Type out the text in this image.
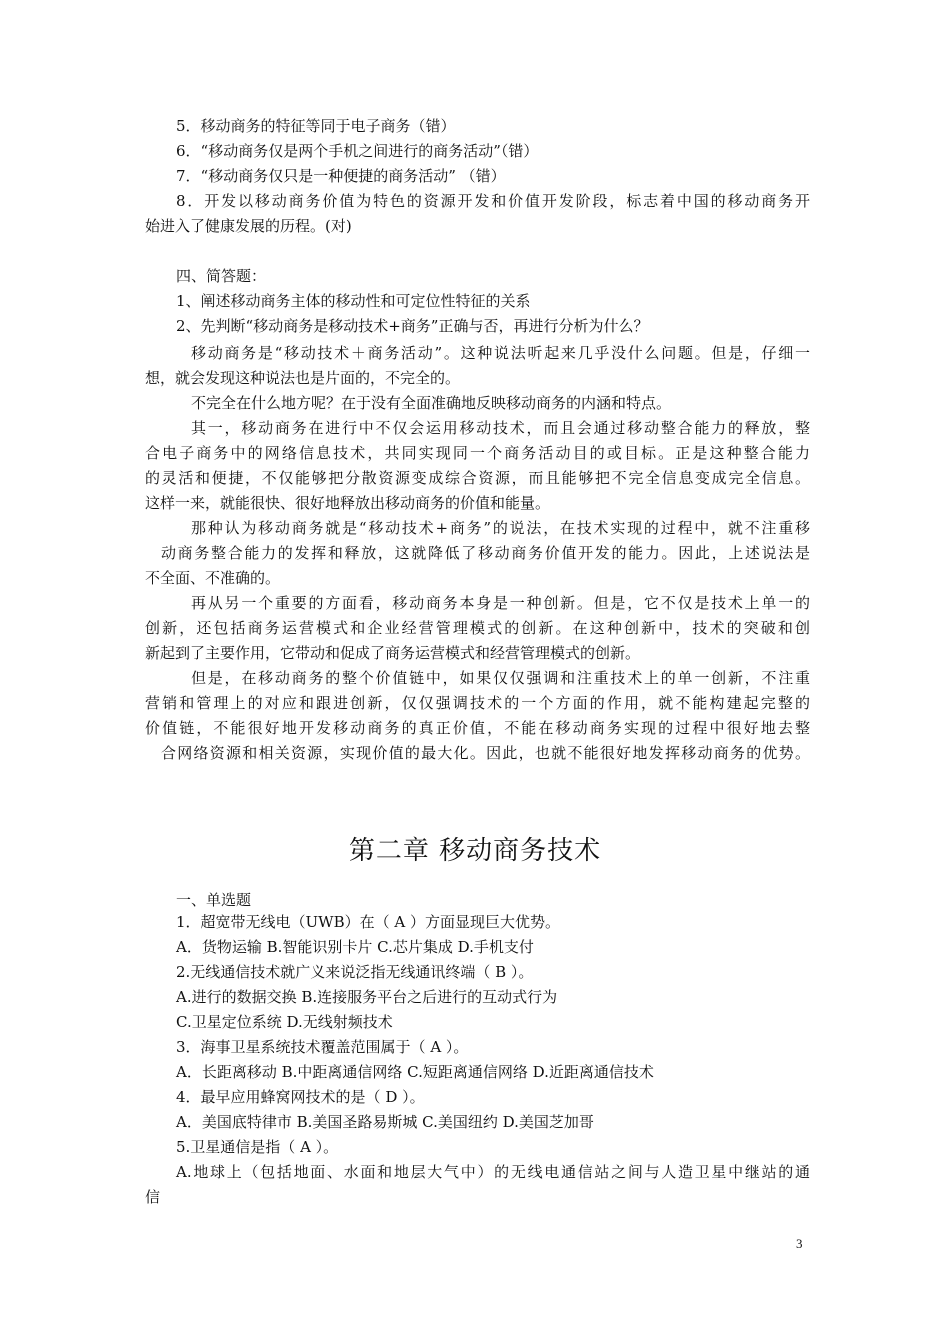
5．移动商务的特征等同于电子商务（错）
6．“移动商务仅是两个手机之间进行的商务活动”（错）
7．“移动商务仅只是一种便捷的商务活动” （错）
8．开发以移动商务价值为特色的资源开发和价值开发阶段，标志着中国的移动商务开
始进入了健康发展的历程。(对)
四、简答题：
1、阐述移动商务主体的移动性和可定位性特征的关系
2、先判断“移动商务是移动技术+商务”正确与否，再进行分析为什么？
移动商务是“移动技术＋商务活动”。这种说法听起来几乎没什么问题。但是，仔细一
想，就会发现这种说法也是片面的，不完全的。
不完全在什么地方呢？在于没有全面准确地反映移动商务的内涵和特点。
其一，移动商务在进行中不仅会运用移动技术，而且会通过移动整合能力的释放，整
合电子商务中的网络信息技术，共同实现同一个商务活动目的或目标。正是这种整合能力
的灵活和便捷，不仅能够把分散资源变成综合资源，而且能够把不完全信息变成完全信息。
这样一来，就能很快、很好地释放出移动商务的价值和能量。
那种认为移动商务就是“移动技术+商务”的说法，在技术实现的过程中，就不注重移
动商务整合能力的发挥和释放，这就降低了移动商务价值开发的能力。因此，上述说法是
不全面、不准确的。
再从另一个重要的方面看，移动商务本身是一种创新。但是，它不仅是技术上单一的
创新，还包括商务运营模式和企业经营管理模式的创新。在这种创新中，技术的突破和创
新起到了主要作用，它带动和促成了商务运营模式和经营管理模式的创新。
但是，在移动商务的整个价值链中，如果仅仅强调和注重技术上的单一创新，不注重
营销和管理上的对应和跟进创新，仅仅强调技术的一个方面的作用，就不能构建起完整的
价值链，不能很好地开发移动商务的真正价值，不能在移动商务实现的过程中很好地去整
合网络资源和相关资源，实现价值的最大化。因此，也就不能很好地发挥移动商务的优势。
第二章 移动商务技术
一、单选题
1．超宽带无线电（UWB）在（ A ）方面显现巨大优势。
A．货物运输 B.智能识别卡片 C.芯片集成 D.手机支付
2.无线通信技术就广义来说泛指无线通讯终端（ B ）。
A.进行的数据交换 B.连接服务平台之后进行的互动式行为
C.卫星定位系统 D.无线射频技术
3．海事卫星系统技术覆盖范围属于（ A ）。
A．长距离移动 B.中距离通信网络 C.短距离通信网络 D.近距离通信技术
4．最早应用蜂窝网技术的是（ D ）。
A．美国底特律市 B.美国圣路易斯城 C.美国纽约 D.美国芝加哥
5.卫星通信是指（ A ）。
A.地球上（包括地面、水面和地层大气中）的无线电通信站之间与人造卫星中继站的通
信
3
